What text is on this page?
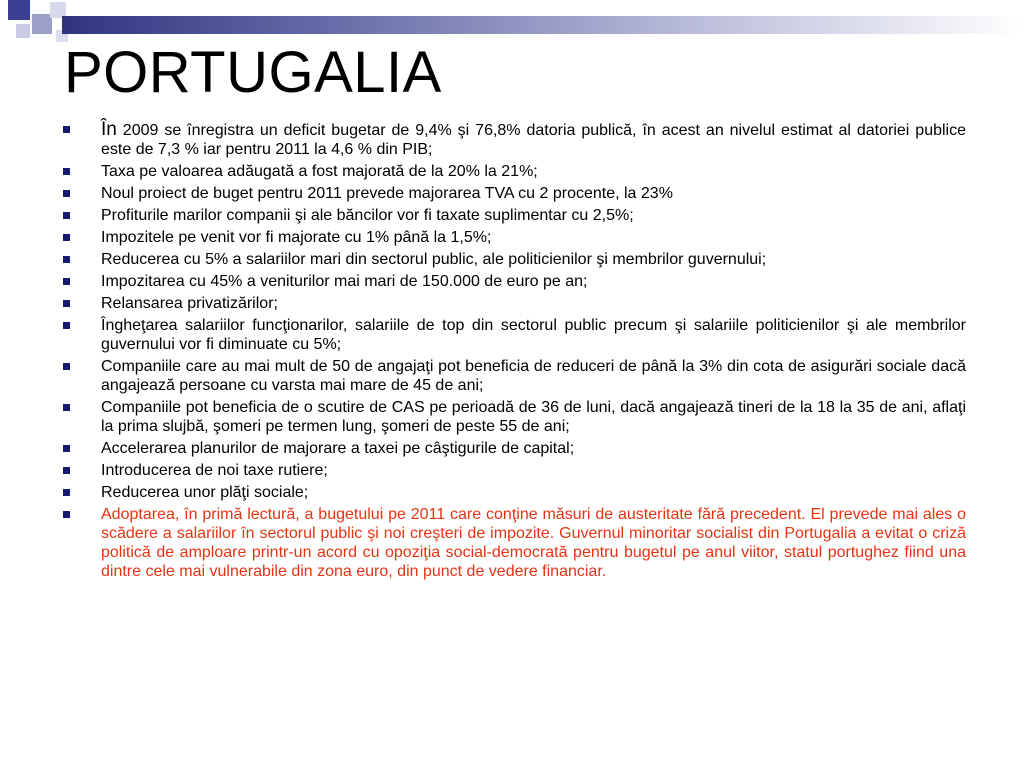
PORTUGALIA
În 2009 se înregistra un deficit bugetar de 9,4% şi 76,8% datoria publică, în acest an nivelul estimat al datoriei publice este de 7,3 % iar pentru 2011 la 4,6 % din PIB;
Taxa pe valoarea adăugată a fost majorată de la 20% la 21%;
Noul proiect de buget pentru 2011 prevede majorarea TVA cu 2 procente, la 23%
Profiturile marilor companii şi ale băncilor vor fi taxate suplimentar cu 2,5%;
Impozitele pe venit vor fi majorate cu 1% până la 1,5%;
Reducerea cu 5% a salariilor mari din sectorul public, ale politicienilor şi membrilor guvernului;
Impozitarea cu 45% a veniturilor mai mari de 150.000 de euro pe an;
Relansarea privatizărilor;
Îngheţarea salariilor funcţionarilor, salariile de top din sectorul public precum şi salariile politicienilor şi ale membrilor guvernului vor fi diminuate cu 5%;
Companiile care au mai mult de 50 de angajaţi pot beneficia de reduceri de până la 3% din cota de asigurări sociale dacă angajează persoane cu varsta mai mare de 45 de ani;
Companiile pot beneficia de o scutire de CAS pe perioadă de 36 de luni, dacă angajează tineri de la 18 la 35 de ani, aflaţi la prima slujbă, şomeri pe termen lung, şomeri de peste 55 de ani;
Accelerarea planurilor de majorare a taxei pe câştigurile de capital;
Introducerea de noi taxe rutiere;
Reducerea unor plăţi sociale;
Adoptarea, în primă lectură, a bugetului pe 2011 care conţine măsuri de austeritate fără precedent. El prevede mai ales o scădere a salariilor în sectorul public şi noi creşteri de impozite. Guvernul minoritar socialist din Portugalia a evitat o criză politică de amploare printr-un acord cu opoziţia social-democrată pentru bugetul pe anul viitor, statul portughez fiind una dintre cele mai vulnerabile din zona euro, din punct de vedere financiar.
